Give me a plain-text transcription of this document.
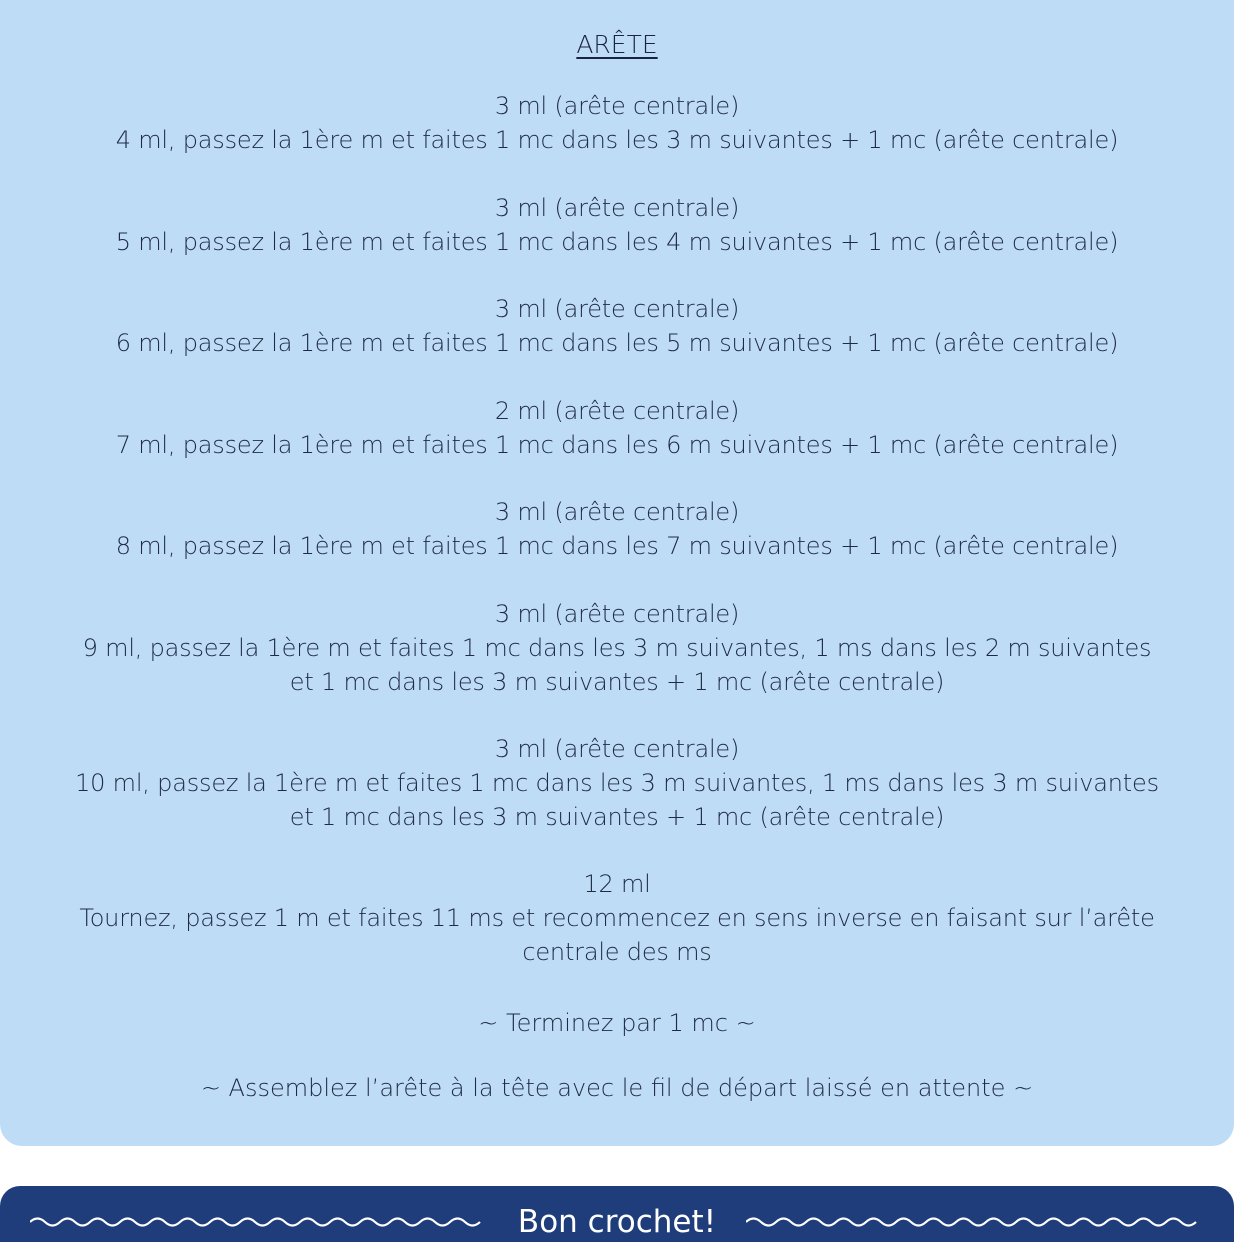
ARÊTE
3 ml (arête centrale)
4 ml, passez la 1ère m et faites 1 mc dans les 3 m suivantes + 1 mc (arête centrale)
3 ml (arête centrale)
5 ml, passez la 1ère m et faites 1 mc dans les 4 m suivantes + 1 mc (arête centrale)
3 ml (arête centrale)
6 ml, passez la 1ère m et faites 1 mc dans les 5 m suivantes + 1 mc (arête centrale)
2 ml (arête centrale)
7 ml, passez la 1ère m et faites 1 mc dans les 6 m suivantes + 1 mc (arête centrale)
3 ml (arête centrale)
8 ml, passez la 1ère m et faites 1 mc dans les 7 m suivantes + 1 mc (arête centrale)
3 ml (arête centrale)
9 ml, passez la 1ère m et faites 1 mc dans les 3 m suivantes, 1 ms dans les 2 m suivantes
et 1 mc dans les 3 m suivantes + 1 mc (arête centrale)
3 ml (arête centrale)
10 ml, passez la 1ère m et faites 1 mc dans les 3 m suivantes, 1 ms dans les 3 m suivantes
et 1 mc dans les 3 m suivantes + 1 mc (arête centrale)
12 ml
Tournez, passez 1 m et faites 11 ms et recommencez en sens inverse en faisant sur l’arête
centrale des ms
~ Terminez par 1 mc ~
~ Assemblez l’arête à la tête avec le fil de départ laissé en attente ~
Bon crochet!
